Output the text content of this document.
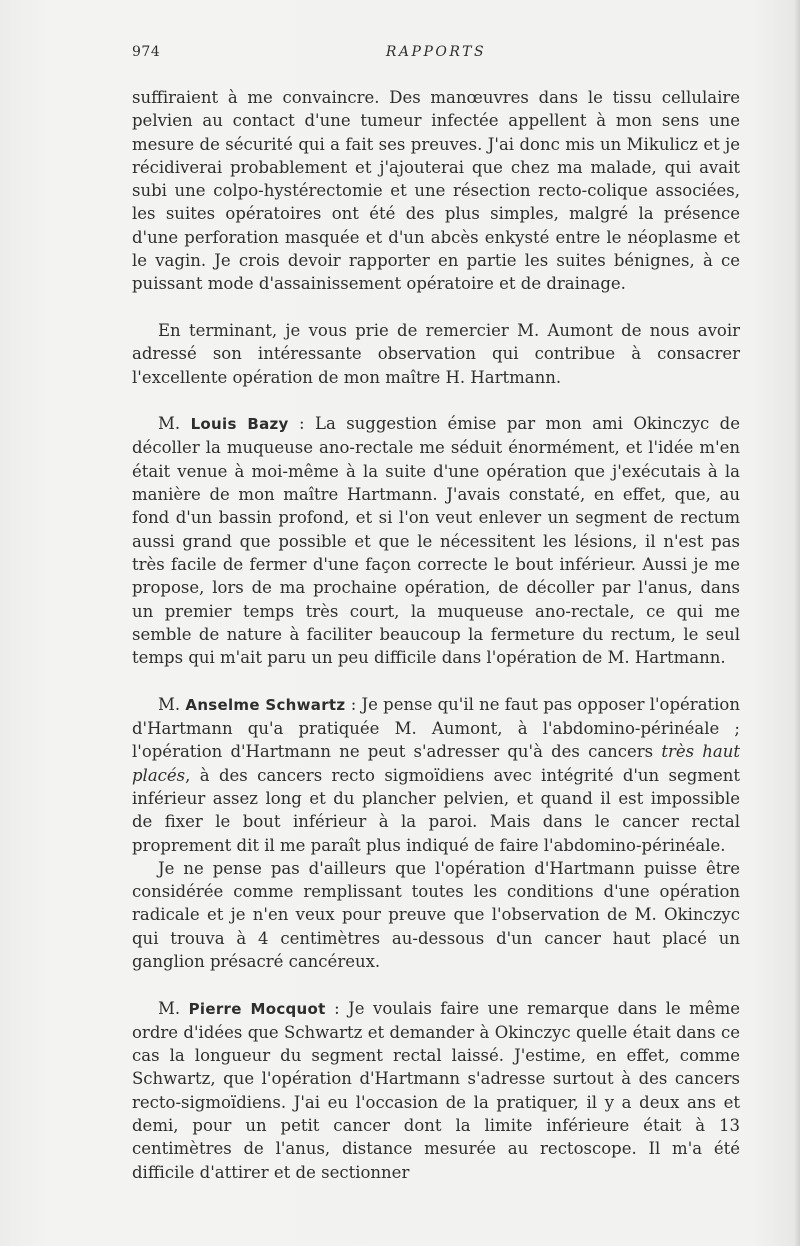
974	RAPPORTS

suffiraient à me convaincre. Des manœuvres dans le tissu cellulaire pelvien au contact d'une tumeur infectée appellent à mon sens une mesure de sécurité qui a fait ses preuves. J'ai donc mis un Mikulicz et je récidiverai probablement et j'ajouterai que chez ma malade, qui avait subi une colpo-hystérectomie et une résection recto-colique associées, les suites opératoires ont été des plus simples, malgré la présence d'une perforation masquée et d'un abcès enkysté entre le néoplasme et le vagin. Je crois devoir rapporter en partie les suites bénignes, à ce puissant mode d'assainissement opératoire et de drainage.

En terminant, je vous prie de remercier M. Aumont de nous avoir adressé son intéressante observation qui contribue à consacrer l'excellente opération de mon maître H. Hartmann.

M. Louis Bazy : La suggestion émise par mon ami Okinczyc de décoller la muqueuse ano-rectale me séduit énormément, et l'idée m'en était venue à moi-même à la suite d'une opération que j'exécutais à la manière de mon maître Hartmann. J'avais constaté, en effet, que, au fond d'un bassin profond, et si l'on veut enlever un segment de rectum aussi grand que possible et que le nécessitent les lésions, il n'est pas très facile de fermer d'une façon correcte le bout inférieur. Aussi je me propose, lors de ma prochaine opération, de décoller par l'anus, dans un premier temps très court, la muqueuse ano-rectale, ce qui me semble de nature à faciliter beaucoup la fermeture du rectum, le seul temps qui m'ait paru un peu difficile dans l'opération de M. Hartmann.

M. Anselme Schwartz : Je pense qu'il ne faut pas opposer l'opération d'Hartmann qu'a pratiquée M. Aumont, à l'abdomino-périnéale ; l'opération d'Hartmann ne peut s'adresser qu'à des cancers très haut placés, à des cancers recto sigmoïdiens avec intégrité d'un segment inférieur assez long et du plancher pelvien, et quand il est impossible de fixer le bout inférieur à la paroi. Mais dans le cancer rectal proprement dit il me paraît plus indiqué de faire l'abdomino-périnéale.

Je ne pense pas d'ailleurs que l'opération d'Hartmann puisse être considérée comme remplissant toutes les conditions d'une opération radicale et je n'en veux pour preuve que l'observation de M. Okinczyc qui trouva à 4 centimètres au-dessous d'un cancer haut placé un ganglion présacré cancéreux.

M. Pierre Mocquot : Je voulais faire une remarque dans le même ordre d'idées que Schwartz et demander à Okinczyc quelle était dans ce cas la longueur du segment rectal laissé. J'estime, en effet, comme Schwartz, que l'opération d'Hartmann s'adresse surtout à des cancers recto-sigmoïdiens. J'ai eu l'occasion de la pratiquer, il y a deux ans et demi, pour un petit cancer dont la limite inférieure était à 13 centimètres de l'anus, distance mesurée au rectoscope. Il m'a été difficile d'attirer et de sectionner
